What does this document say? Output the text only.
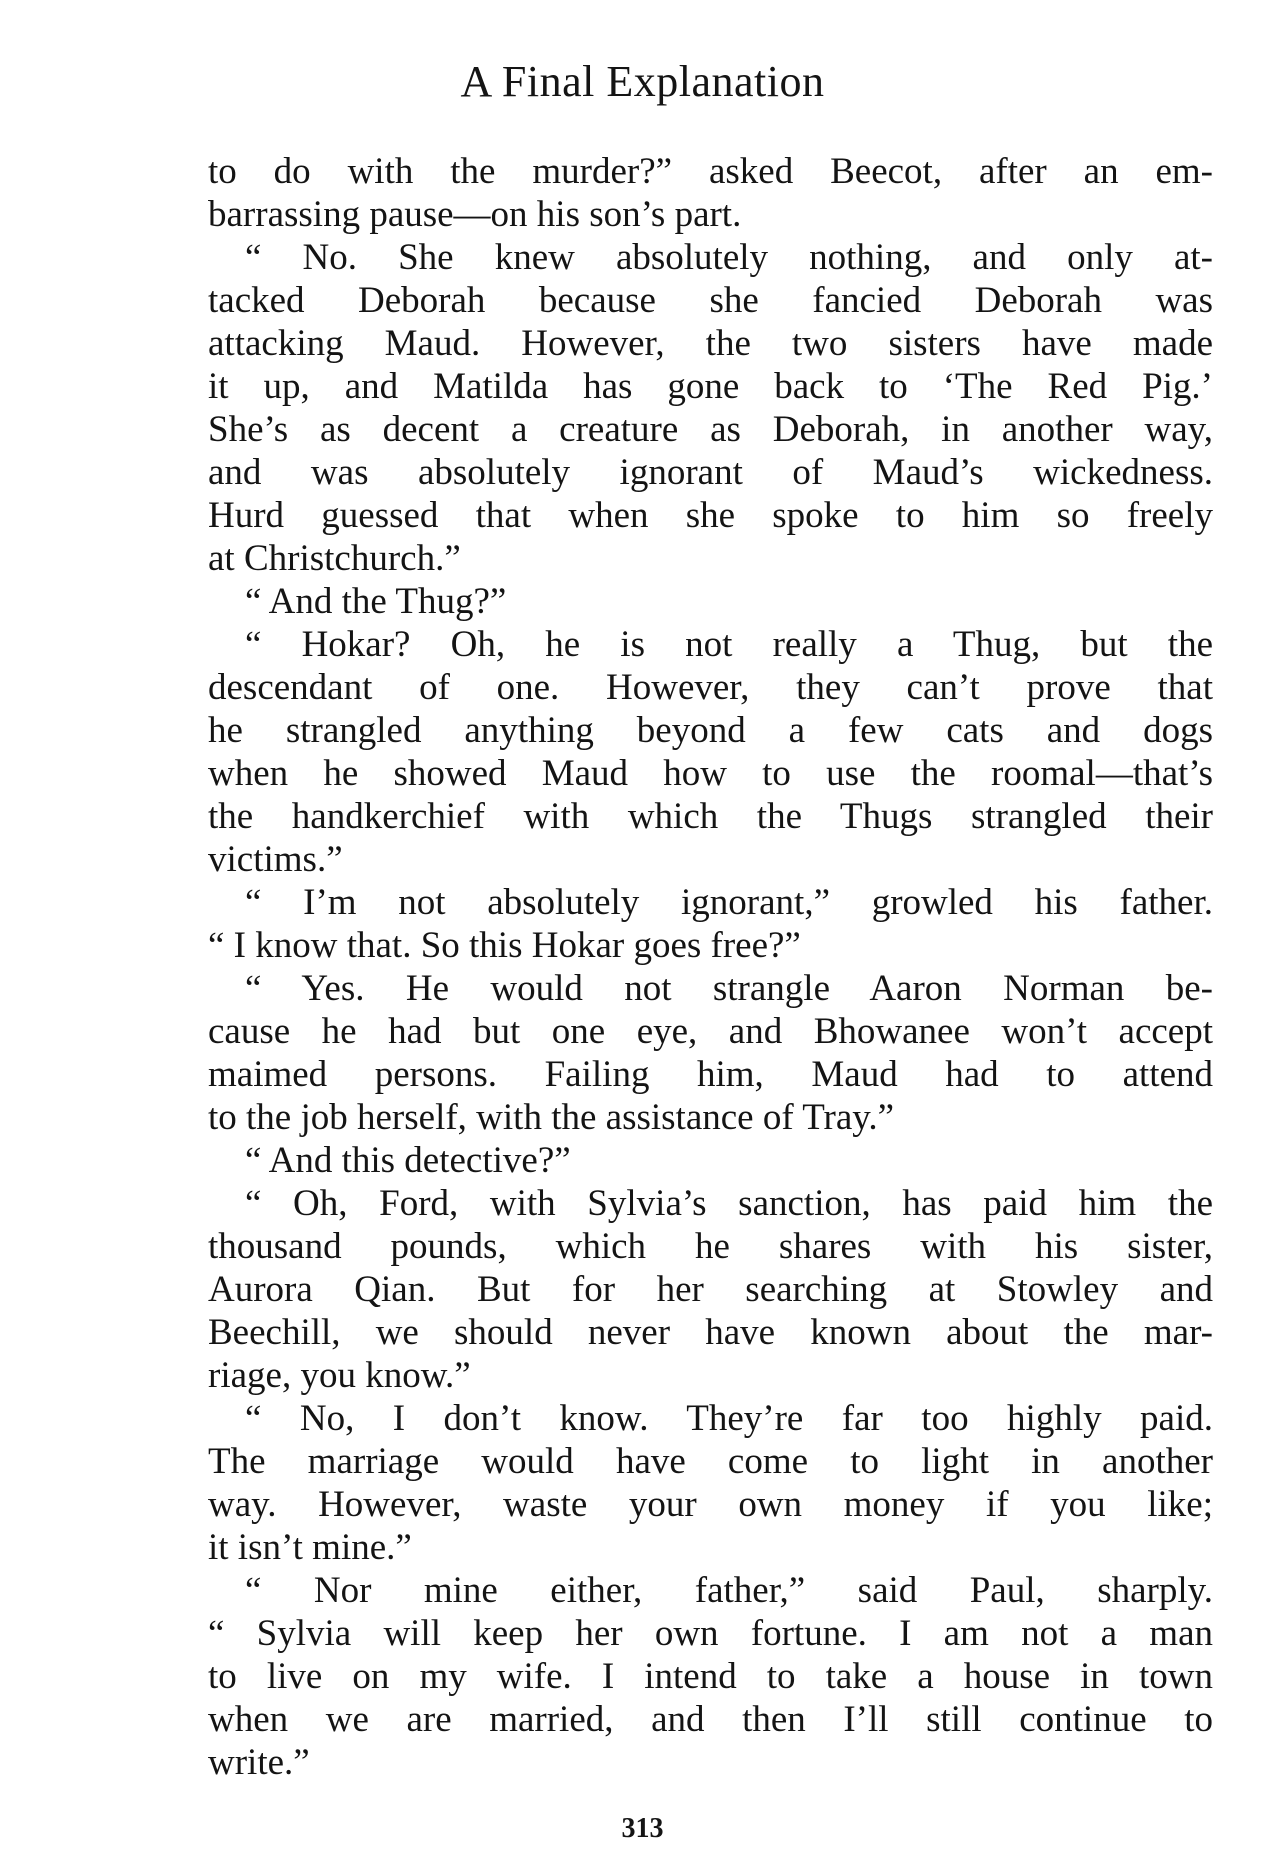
A Final Explanation
to do with the murder?” asked Beecot, after an em-
barrassing pause—on his son’s part.
“ No. She knew absolutely nothing, and only at-
tacked Deborah because she fancied Deborah was
attacking Maud. However, the two sisters have made
it up, and Matilda has gone back to ‘The Red Pig.’
She’s as decent a creature as Deborah, in another way,
and was absolutely ignorant of Maud’s wickedness.
Hurd guessed that when she spoke to him so freely
at Christchurch.”
“ And the Thug?”
“ Hokar? Oh, he is not really a Thug, but the
descendant of one. However, they can’t prove that
he strangled anything beyond a few cats and dogs
when he showed Maud how to use the roomal—that’s
the handkerchief with which the Thugs strangled their
victims.”
“ I’m not absolutely ignorant,” growled his father.
“ I know that. So this Hokar goes free?”
“ Yes. He would not strangle Aaron Norman be-
cause he had but one eye, and Bhowanee won’t accept
maimed persons. Failing him, Maud had to attend
to the job herself, with the assistance of Tray.”
“ And this detective?”
“ Oh, Ford, with Sylvia’s sanction, has paid him the
thousand pounds, which he shares with his sister,
Aurora Qian. But for her searching at Stowley and
Beechill, we should never have known about the mar-
riage, you know.”
“ No, I don’t know. They’re far too highly paid.
The marriage would have come to light in another
way. However, waste your own money if you like;
it isn’t mine.”
“ Nor mine either, father,” said Paul, sharply.
“ Sylvia will keep her own fortune. I am not a man
to live on my wife. I intend to take a house in town
when we are married, and then I’ll still continue to
write.”
313
